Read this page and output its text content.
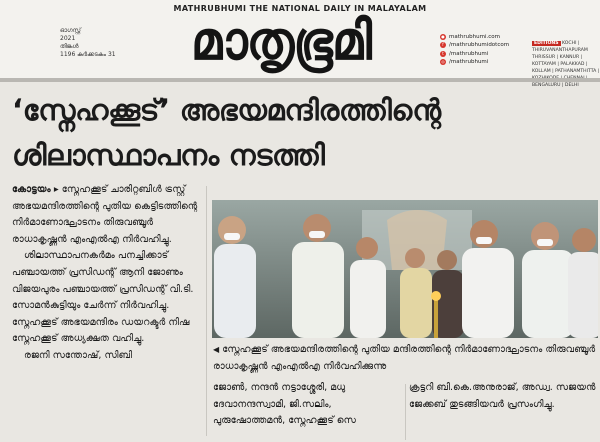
MATHRUBHUMI THE NATIONAL DAILY IN MALAYALAM
മാതൃഭൂമി
ഓഗസ്റ്റ്
2021
തിങ്കൾ
1196 കർക്കടകം 31
● mathrubhumi.com
f /mathrubhumidotcom
t /mathrubhumi
◎ /mathrubhumi
EDITIONS KOCHI | THIRUVANANTHAPURAM THRISSUR | KANNUR | KOTTAYAM | PALAKKAD | KOLLAM | PATHANAMTHITTA | BENGALURU | DELHI
‘സ്നേഹക്കൂട്’ അഭയമന്ദിരത്തിന്റെ
ശിലാസ്ഥാപനം നടത്തി

കോട്ടയം ▸ സ്നേഹക്കൂട് ചാരിറ്റബിൾ ട്രസ്റ്റ് അഭയമന്ദിരത്തിന്റെ പുതിയ കെട്ടിടത്തിന്റെ നിർമാണോദ്ഘാടനം തിരുവഞ്ചൂർ രാധാകൃഷ്ണൻ എംഎൽഎ നിർവഹിച്ചു.

ശിലാസ്ഥാപനകർമം പനച്ചിക്കാട് പഞ്ചായത്ത് പ്രസിഡന്റ് ആനി ജോണും വിജയപുരം പഞ്ചായത്ത് പ്രസിഡന്റ് വി.ടി. സോമൻകുട്ടിയും ചേർന്ന് നിർവഹിച്ചു. സ്നേഹക്കൂട് അഭയമന്ദിരം ഡയറക്ടർ നിഷ സ്നേഹക്കൂട് അധ്യക്ഷത വഹിച്ചു.

രജനി സന്തോഷ്, സിബി

◀ സ്നേഹക്കൂട് അഭയമന്ദിരത്തിന്റെ പുതിയ മന്ദിരത്തിന്റെ നിർമാണോദ്ഘാടനം തിരുവഞ്ചൂർ രാധാകൃഷ്ണൻ എംഎൽഎ നിർവഹിക്കുന്നു
ജോൺ, നന്ദൻ നട്ടാശ്ശേരി, മധു ദേവാനന്ദസ്വാമി, ജി.സലിം, പുരുഷോത്തമൻ, സ്നേഹക്കൂട് സെ
ക്രട്ടറി ബി.കെ.അനുരാജ്, അഡ്വ. സജയൻ ജേക്കബ് തുടങ്ങിയവർ പ്രസംഗിച്ചു.
